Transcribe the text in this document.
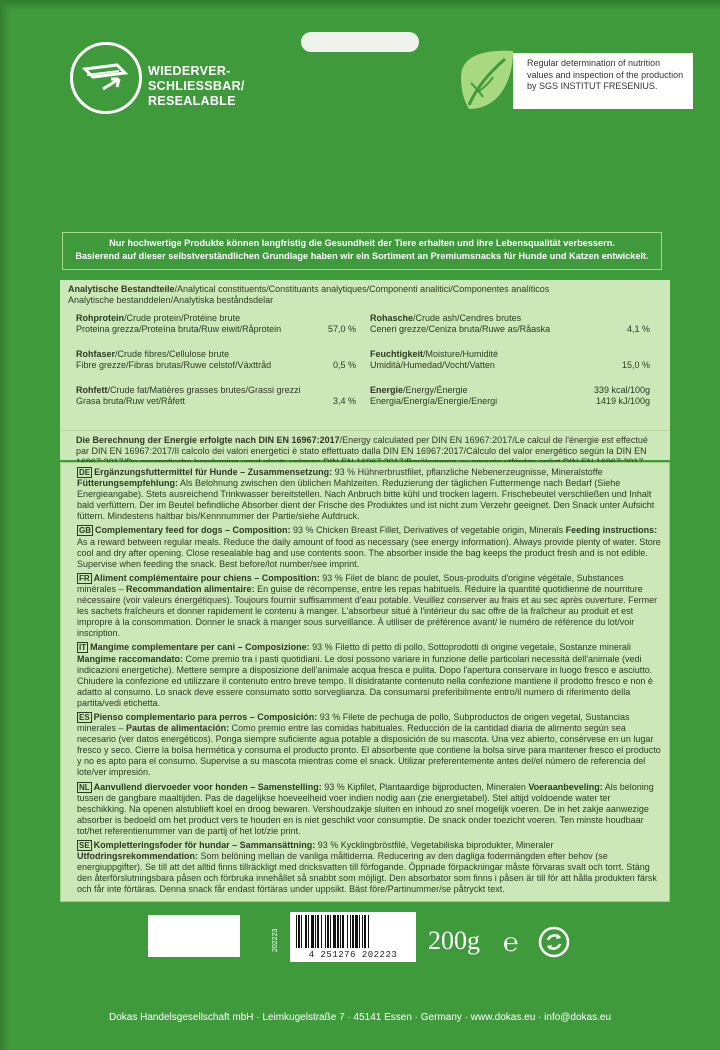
WIEDERVER-
SCHLIESSBAR/
RESEALABLE
Regular determination of nutrition values and inspection of the production by SGS INSTITUT FRESENIUS.
Nur hochwertige Produkte können langfristig die Gesundheit der Tiere erhalten und ihre Lebensqualität verbessern.
Basierend auf dieser selbstverständlichen Grundlage haben wir ein Sortiment an Premiumsnacks für Hunde und Katzen entwickelt.
Analytische Bestandteile/Analytical constituents/Constituants analytiques/Componenti analitici/Componentes analíticos
Analytische bestanddelen/Analytiska beståndsdelar
Rohprotein/Crude protein/Protéine brute
Proteina grezza/Proteína bruta/Ruw eiwit/Råprotein	57,0 %
Rohfaser/Crude fibres/Cellulose brute
Fibre grezze/Fibras brutas/Ruwe celstof/Växttråd	0,5 %
Rohfett/Crude fat/Matières grasses brutes/Grassi grezzi
Grasa bruta/Ruw vet/Råfett	3,4 %
Rohasche/Crude ash/Cendres brutes
Ceneri grezze/Ceniza bruta/Ruwe as/Råaska	4,1 %
Feuchtigkeit/Moisture/Humidité
Umidità/Humedad/Vocht/Vatten	15,0 %
Energie/Energy/Énergie
Energia/Energía/Energie/Energi
339 kcal/100g
1419 kJ/100g
Die Berechnung der Energie erfolgte nach DIN EN 16967:2017/Energy calculated per DIN EN 16967:2017/Le calcul de l'énergie est effectué par DIN EN 16967:2017/Il calcolo dei valori energetici è stato effettuato dalla DIN EN 16967:2017/Cálculo del valor energético según la DIN EN
DE Ergänzungsfuttermittel für Hunde – Zusammensetzung: 93 % Hühnerbrustfilet, pflanzliche Nebenerzeugnisse, Mineralstoffe Fütterungsempfehlung: Als Belohnung zwischen den üblichen Mahlzeiten. Reduzierung der täglichen Futtermenge nach Bedarf (Siehe Energieangabe). Stets ausreichend Trinkwasser bereitstellen. Nach Anbruch bitte kühl und trocken lagern. Frischebeutel verschließen und Inhalt bald verfüttern. Der im Beutel befindliche Absorber dient der Frische des Produktes und ist nicht zum Verzehr geeignet. Den Snack unter Aufsicht füttern. Mindestens haltbar bis/Kennnummer der Partie/siehe Aufdruck.
GB Complementary feed for dogs – Composition: 93 % Chicken Breast Fillet, Derivatives of vegetable origin, Minerals Feeding instructions: As a reward between regular meals. Reduce the daily amount of food as necessary (see energy information). Always provide plenty of water. Store cool and dry after opening. Close resealable bag and use contents soon. The absorber inside the bag keeps the product fresh and is not edible. Supervise when feeding the snack. Best before/lot number/see imprint.
FR Aliment complémentaire pour chiens – Composition: 93 % Filet de blanc de poulet, Sous-produits d'origine végétale, Substances minérales – Recommandation alimentaire: En guise de récompense, entre les repas habituels. Réduire la quantité quotidienne de nourriture nécessaire (voir valeurs énergétiques). Toujours fournir suffisamment d'eau potable. Veuillez conserver au frais et au sec après ouverture. Fermer les sachets fraîcheurs et donner rapidement le contenu à manger. L'absorbeur situé à l'intérieur du sac offre de la fraîcheur au produit et est impropre à la consommation. Donner le snack à manger sous surveillance. À utiliser de préférence avant/ le numéro de référence du lot/voir inscription.
IT Mangime complementare per cani – Composizione: 93 % Filetto di petto di pollo, Sottoprodotti di origine vegetale, Sostanze minerali Mangime raccomandato: Come premio tra i pasti quotidiani. Le dosi possono variare in funzione delle particolari necessità dell'animale (vedi indicazioni energetiche). Mettere sempre a disposizione dell'animale acqua fresca e pulita. Dopo l'apertura conservare in luogo fresco e asciutto. Chiudere la confezione ed utilizzare il contenuto entro breve tempo. Il disidratante contenuto nella confezione mantiene il prodotto fresco e non è adatto al consumo. Lo snack deve essere consumato sotto sorveglianza. Da consumarsi preferibilmente entro/il numero di riferimento della partita/vedi etichetta.
ES Pienso complementario para perros – Composición: 93 % Filete de pechuga de pollo, Subproductos de origen vegetal, Sustancias minerales – Pautas de alimentación: Como premio entre las comidas habituales. Reducción de la cantidad diaria de alimento según sea necesario (ver datos energéticos). Ponga siempre suficiente agua potable a disposición de su mascota. Una vez abierto, consérvese en un lugar fresco y seco. Cierre la bolsa hermética y consuma el producto pronto. El absorbente que contiene la bolsa sirve para mantener fresco el producto y no es apto para el consumo. Supervise a su mascota mientras come el snack. Utilizar preferentemente antes del/el número de referencia del lote/ver impresión.
NL Aanvullend diervoeder voor honden – Samenstelling: 93 % Kipfilet, Plantaardige bijproducten, Mineralen Voeraanbeveling: Als beloning tussen de gangbare maaltijden. Pas de dagelijkse hoeveelheid voer indien nodig aan (zie energietabel). Stel altijd voldoende water ter beschikking. Na openen alstublieft koel en droog bewaren. Vershoudzakje sluiten en inhoud zo snel mogelijk voeren. De in het zakje aanwezige absorber is bedoeld om het product vers te houden en is niet geschikt voor consumptie. De snack onder toezicht voeren. Ten minste houdbaar tot/het referentienummer van de partij of het lot/zie print.
SE Kompletteringsfoder för hundar – Sammansättning: 93 % Kycklingbröstfilé, Vegetabiliska biprodukter, Mineraler Utfodringsrekommendation: Som belöning mellan de vanliga måltiderna. Reducering av den dagliga fodermängden efter behov (se energiuppgifter). Se till att det alltid finns tillräckligt med dricksvatten till förfogande. Öppnade förpackningar måste förvaras svalt och torrt. Stäng den återförslutningsbara påsen och förbruka innehållet så snabbt som möjligt. Den absorbator som finns i påsen är till för att hålla produkten färsk och får inte förtäras. Denna snack får endast förtäras under uppsikt. Bäst före/Partinummer/se påtryckt text.
202223
4 251276 202223	200g ℮
Dokas Handelsgesellschaft mbH · Leimkugelstraße 7 · 45141 Essen · Germany · www.dokas.eu · info@dokas.eu
